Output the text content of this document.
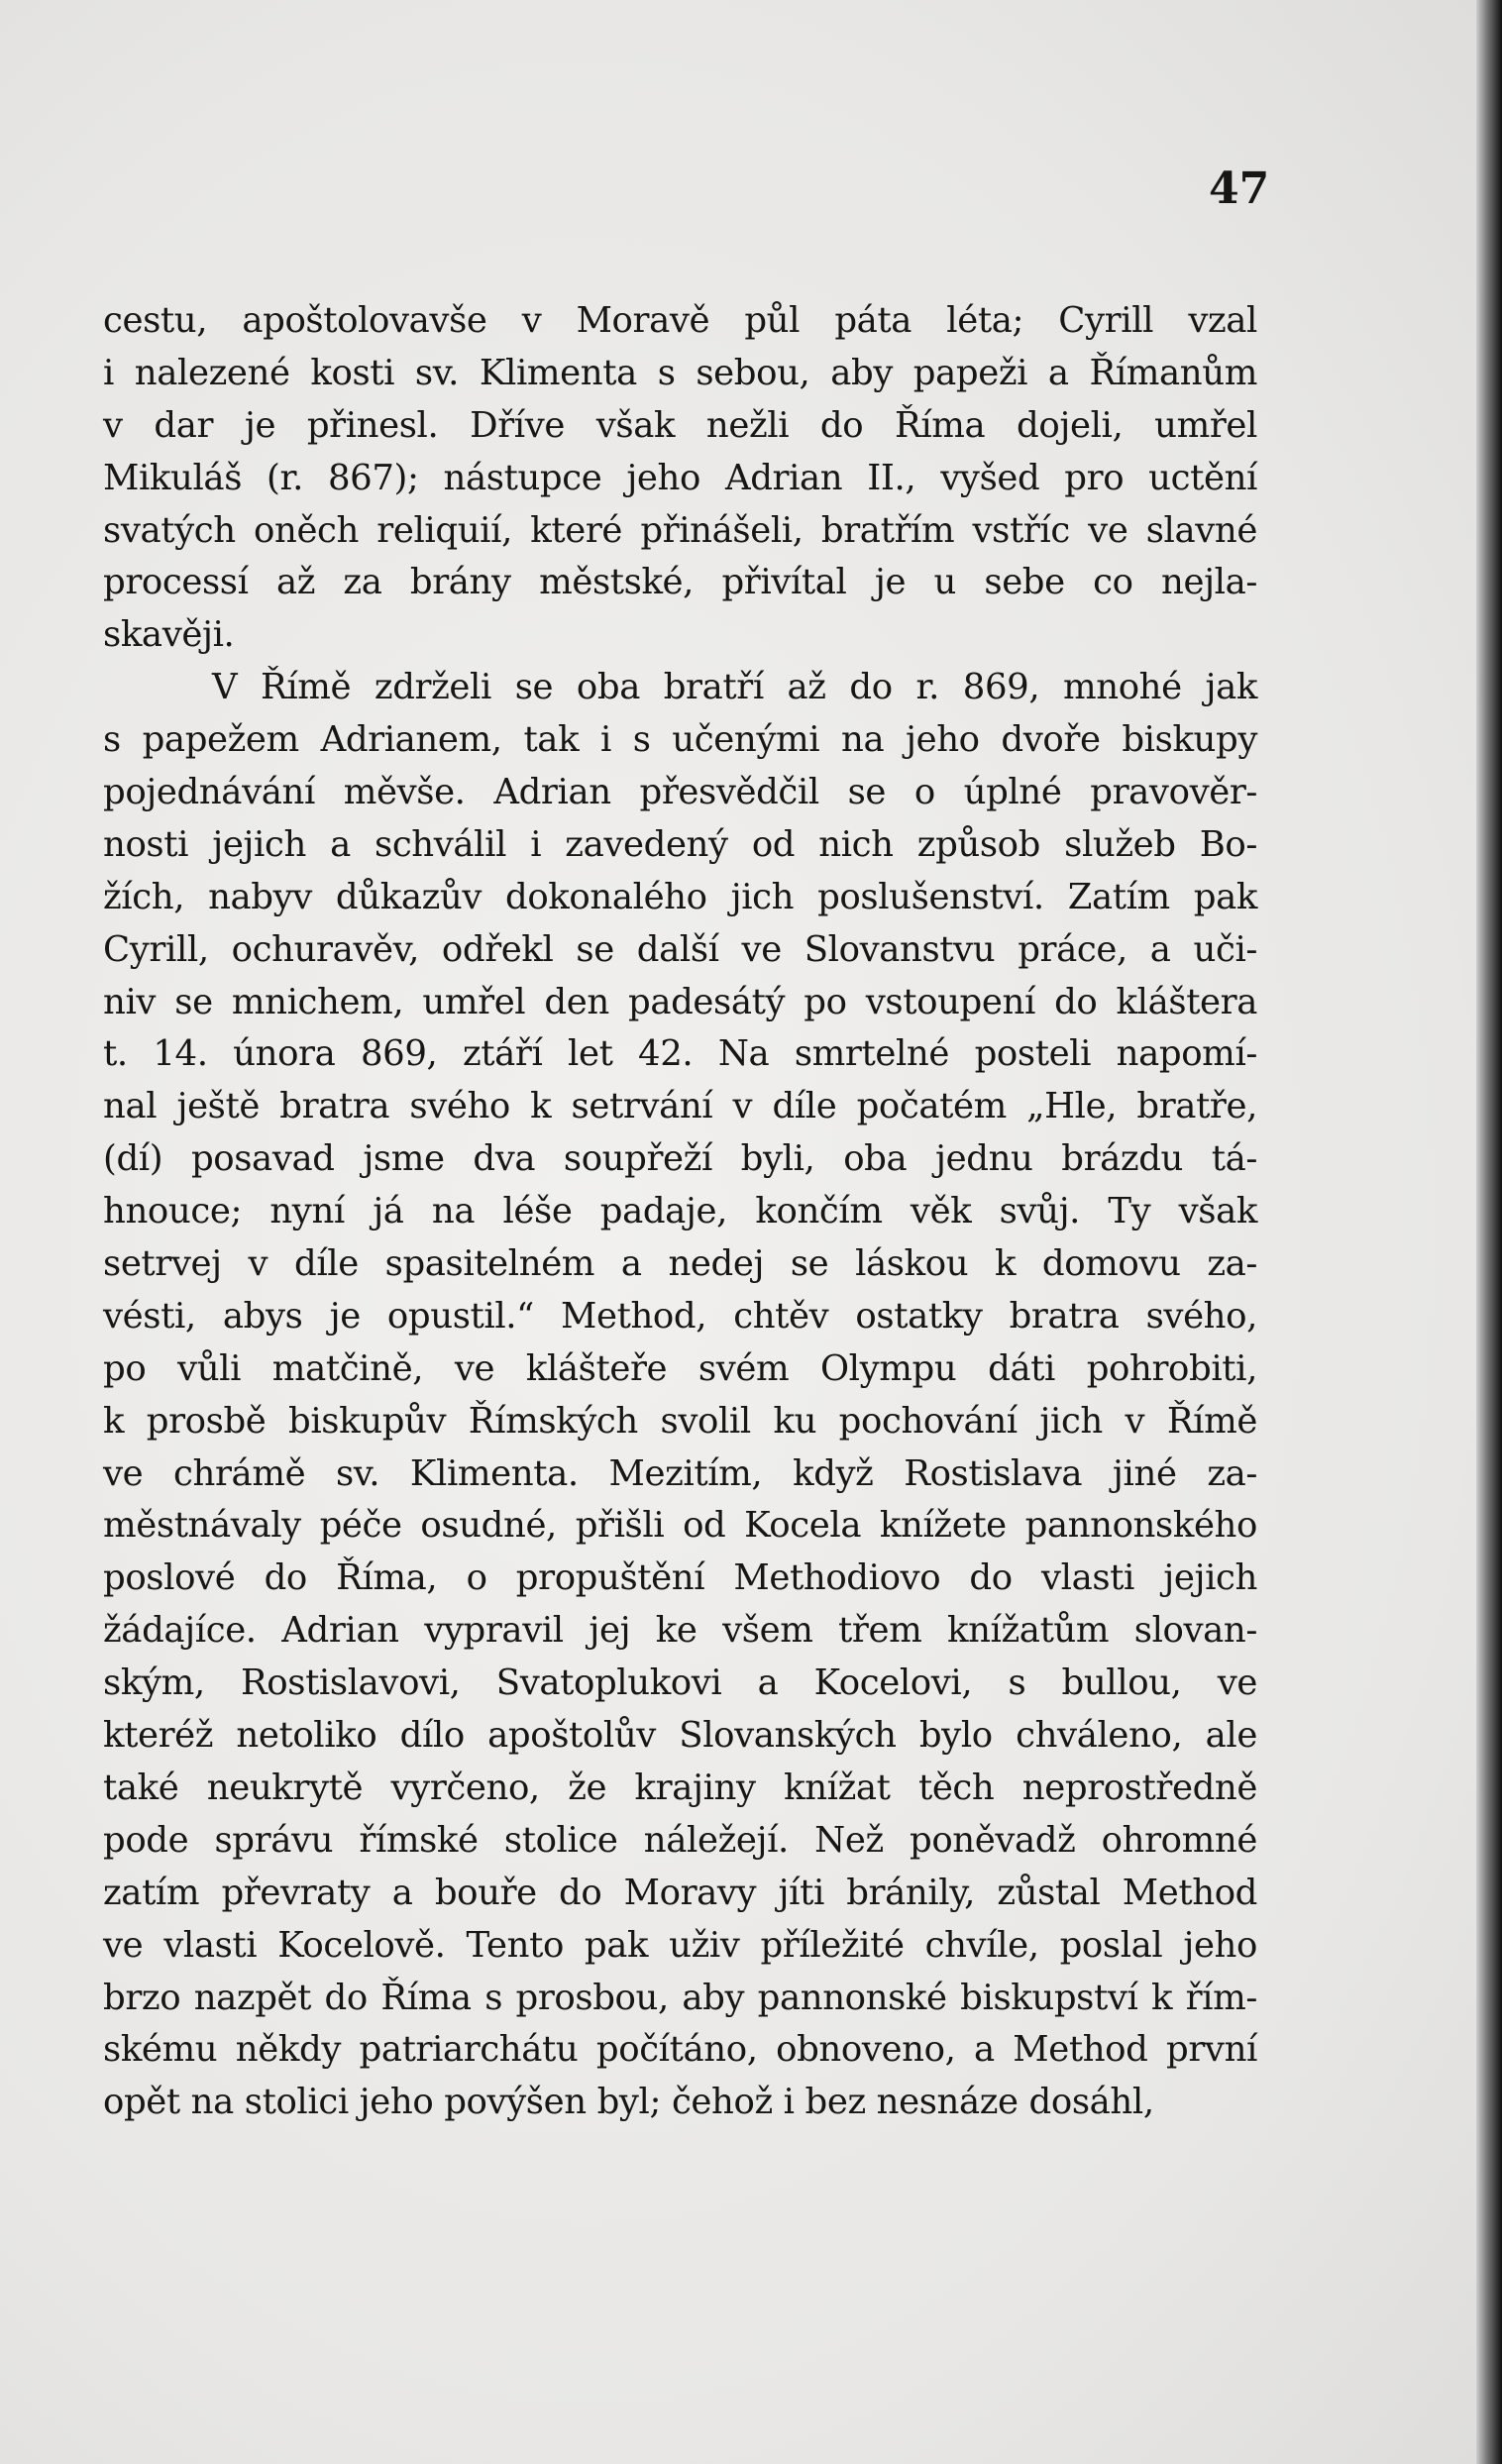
47
cestu, apoštolovavše v Moravě půl páta léta; Cyrill vzal
i nalezené kosti sv. Klimenta s sebou, aby papeži a Římanům
v dar je přinesl. Dříve však nežli do Říma dojeli, umřel
Mikuláš (r. 867); nástupce jeho Adrian II., vyšed pro uctění
svatých oněch reliquií, které přinášeli, bratřím vstříc ve slavné
processí až za brány městské, přivítal je u sebe co nejla-
skavěji.
V Římě zdrželi se oba bratří až do r. 869, mnohé jak
s papežem Adrianem, tak i s učenými na jeho dvoře biskupy
pojednávání měvše. Adrian přesvědčil se o úplné pravověr-
nosti jejich a schválil i zavedený od nich způsob služeb Bo-
žích, nabyv důkazův dokonalého jich poslušenství. Zatím pak
Cyrill, ochuravěv, odřekl se další ve Slovanstvu práce, a uči-
niv se mnichem, umřel den padesátý po vstoupení do kláštera
t. 14. února 869, ztáří let 42. Na smrtelné posteli napomí-
nal ještě bratra svého k setrvání v díle počatém „Hle, bratře,
(dí) posavad jsme dva soupřeží byli, oba jednu brázdu tá-
hnouce; nyní já na léše padaje, končím věk svůj. Ty však
setrvej v díle spasitelném a nedej se láskou k domovu za-
vésti, abys je opustil.“ Method, chtěv ostatky bratra svého,
po vůli matčině, ve klášteře svém Olympu dáti pohrobiti,
k prosbě biskupův Římských svolil ku pochování jich v Římě
ve chrámě sv. Klimenta. Mezitím, když Rostislava jiné za-
městnávaly péče osudné, přišli od Kocela knížete pannonského
poslové do Říma, o propuštění Methodiovo do vlasti jejich
žádajíce. Adrian vypravil jej ke všem třem knížatům slovan-
ským, Rostislavovi, Svatoplukovi a Kocelovi, s bullou, ve
kteréž netoliko dílo apoštolův Slovanských bylo chváleno, ale
také neukrytě vyrčeno, že krajiny knížat těch neprostředně
pode správu římské stolice náležejí. Než poněvadž ohromné
zatím převraty a bouře do Moravy jíti bránily, zůstal Method
ve vlasti Kocelově. Tento pak uživ příležité chvíle, poslal jeho
brzo nazpět do Říma s prosbou, aby pannonské biskupství k řím-
skému někdy patriarchátu počítáno, obnoveno, a Method první
opět na stolici jeho povýšen byl; čehož i bez nesnáze dosáhl,
